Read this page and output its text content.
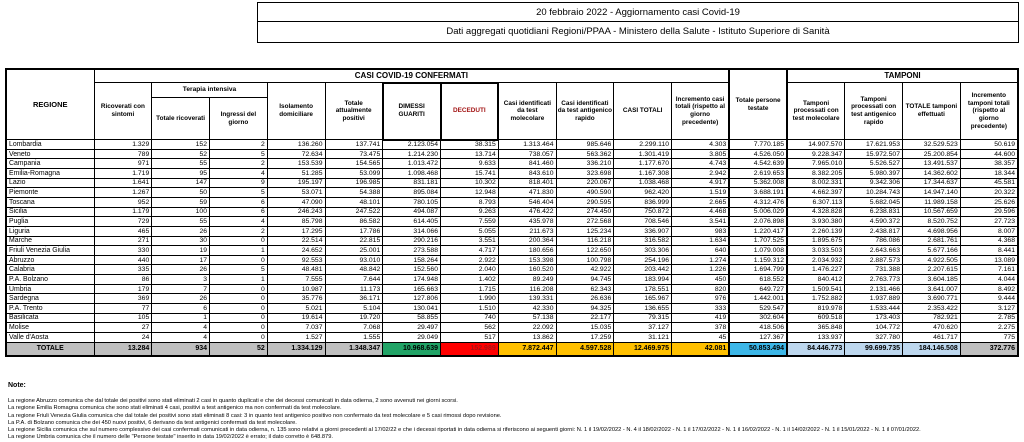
20 febbraio 2022 - Aggiornamento casi Covid-19
Dati aggregati quotidiani Regioni/PPAA - Ministero della Salute - Istituto Superiore di Sanità
REGIONE	CASI COVID-19 CONFERMATI											Totale persone testate	TAMPONI			
	Ricoverati con sintomi	Terapia intensiva		Isolamento domiciliare	Totale attualmente positivi	DIMESSI GUARITI	DECEDUTI	Casi identificati da test molecolare	Casi identificati da test antigenico rapido	CASI TOTALI	Incremento casi totali (rispetto al giorno precedente)		Tamponi processati con test molecolare	Tamponi processati con test antigenico rapido	TOTALE tamponi effettuati	Incremento tamponi totali (rispetto al giorno precedente)
		Totale ricoverati	Ingressi del giorno													
Lombardia	1.329	152	2	136.260	137.741	2.123.054	38.315	1.313.464	985.646	2.299.110	4.303	7.770.185	14.907.570	17.621.953	32.529.523	50.619
Veneto	789	52	5	72.634	73.475	1.214.230	13.714	738.057	563.362	1.301.419	3.805	4.526.050	9.228.347	15.972.507	25.200.854	44.600
Campania	971	55	2	153.539	154.565	1.013.472	9.633	841.460	336.210	1.177.670	4.743	4.542.639	7.965.010	5.526.527	13.491.537	38.357
Emilia-Romagna	1.719	95	4	51.285	53.099	1.098.468	15.741	843.610	323.698	1.167.308	2.942	2.619.653	8.382.205	5.980.397	14.362.602	18.344
Lazio	1.641	147	9	195.197	196.985	831.181	10.302	818.401	220.067	1.038.468	4.917	5.362.008	8.002.331	9.342.306	17.344.637	45.581
Piemonte	1.267	50	5	53.071	54.388	895.084	12.948	471.830	490.590	962.420	1.519	3.688.191	4.662.397	10.284.743	14.947.140	20.322
Toscana	952	59	6	47.090	48.101	780.105	8.793	546.404	290.595	836.999	2.665	4.312.476	6.307.113	5.682.045	11.989.158	25.626
Sicilia	1.179	100	6	246.243	247.522	494.087	9.263	476.422	274.450	750.872	4.468	5.006.029	4.328.828	6.238.831	10.567.659	29.596
Puglia	729	55	4	85.798	86.582	614.405	7.559	435.978	272.568	708.546	3.541	2.076.898	3.930.380	4.590.372	8.520.752	27.723
Liguria	465	26	2	17.295	17.786	314.066	5.055	211.673	125.234	336.907	983	1.220.417	2.260.139	2.438.817	4.698.956	8.007
Marche	271	30	0	22.514	22.815	290.216	3.551	200.364	116.218	316.582	1.634	1.707.525	1.895.675	786.086	2.681.761	4.368
Friuli Venezia Giulia	330	19	1	24.652	25.001	273.588	4.717	180.656	122.650	303.306	640	1.079.008	3.033.503	2.643.663	5.677.166	8.441
Abruzzo	440	17	0	92.553	93.010	158.264	2.922	153.398	100.798	254.196	1.274	1.159.312	2.034.932	2.887.573	4.922.505	13.089
Calabria	335	26	5	48.481	48.842	152.560	2.040	160.520	42.922	203.442	1.226	1.694.799	1.476.227	731.388	2.207.615	7.161
P.A. Bolzano	86	3	1	7.555	7.644	174.948	1.402	89.249	94.745	183.994	450	618.552	840.412	2.763.773	3.604.185	4.044
Umbria	179	7	0	10.987	11.173	165.663	1.715	116.208	62.343	178.551	820	649.727	1.509.541	2.131.466	3.641.007	8.492
Sardegna	369	26	0	35.776	36.171	127.806	1.990	139.331	26.636	165.967	976	1.442.001	1.752.882	1.937.889	3.690.771	9.444
P.A. Trento	77	6	0	5.021	5.104	130.041	1.510	42.330	94.325	136.655	333	529.547	819.978	1.533.444	2.353.422	3.127
Basilicata	105	1	0	19.614	19.720	58.855	740	57.138	22.177	79.315	419	302.604	609.518	173.403	782.921	2.785
Molise	27	4	0	7.037	7.068	29.497	562	22.092	15.035	37.127	378	418.506	365.848	104.772	470.620	2.275
Valle d'Aosta	24	4	0	1.527	1.555	29.049	517	13.862	17.259	31.121	45	127.367	133.937	327.780	461.717	775
TOTALE	13.284	934	52	1.334.129	1.348.347	10.968.639	152.989	7.872.447	4.597.528	12.469.975	42.081	50.853.494	84.446.773	99.699.735	184.146.508	372.776
Note:
La regione Abruzzo comunica che dal totale dei positivi sono stati eliminati 2 casi in quanto duplicati e che dei decessi comunicati in data odierna, 2 sono avvenuti nei giorni scorsi.
La regione Emilia Romagna comunica che sono stati eliminati 4 casi, positivi a test antigenico ma non confermati da test molecolare.
La regione Friuli Venezia Giulia comunica che dal totale dei positivi sono stati eliminati 8 casi: 3 in quanto test antigenico positivo non confermato da test molecolare e 5 casi rimossi dopo revisione.
La P.A. di Bolzano comunica che dei 450 nuovi positivi, 6 derivano da test antigenici confermati da test molecolare.
La regione Sicilia comunica che sul numero complessivo dei casi confermati comunicati in data odierna, n. 135 sono relativi a giorni precedenti al 17/02/22 e che i decessi riportati in data odierna si riferiscono ai seguenti giorni: N. 1 il 19/02/2022 - N. 4 il 18/02/2022 - N. 1 il 17/02/2022 - N. 1 il 16/02/2022 - N. 1 il 14/02/2022 - N. 1 il 15/01/2022 - N. 1 il 07/01/2022.
La regione Umbria comunica che il numero delle "Persone testate" inserito in data 19/02/2022 è errato; il dato corretto è 648.879.
